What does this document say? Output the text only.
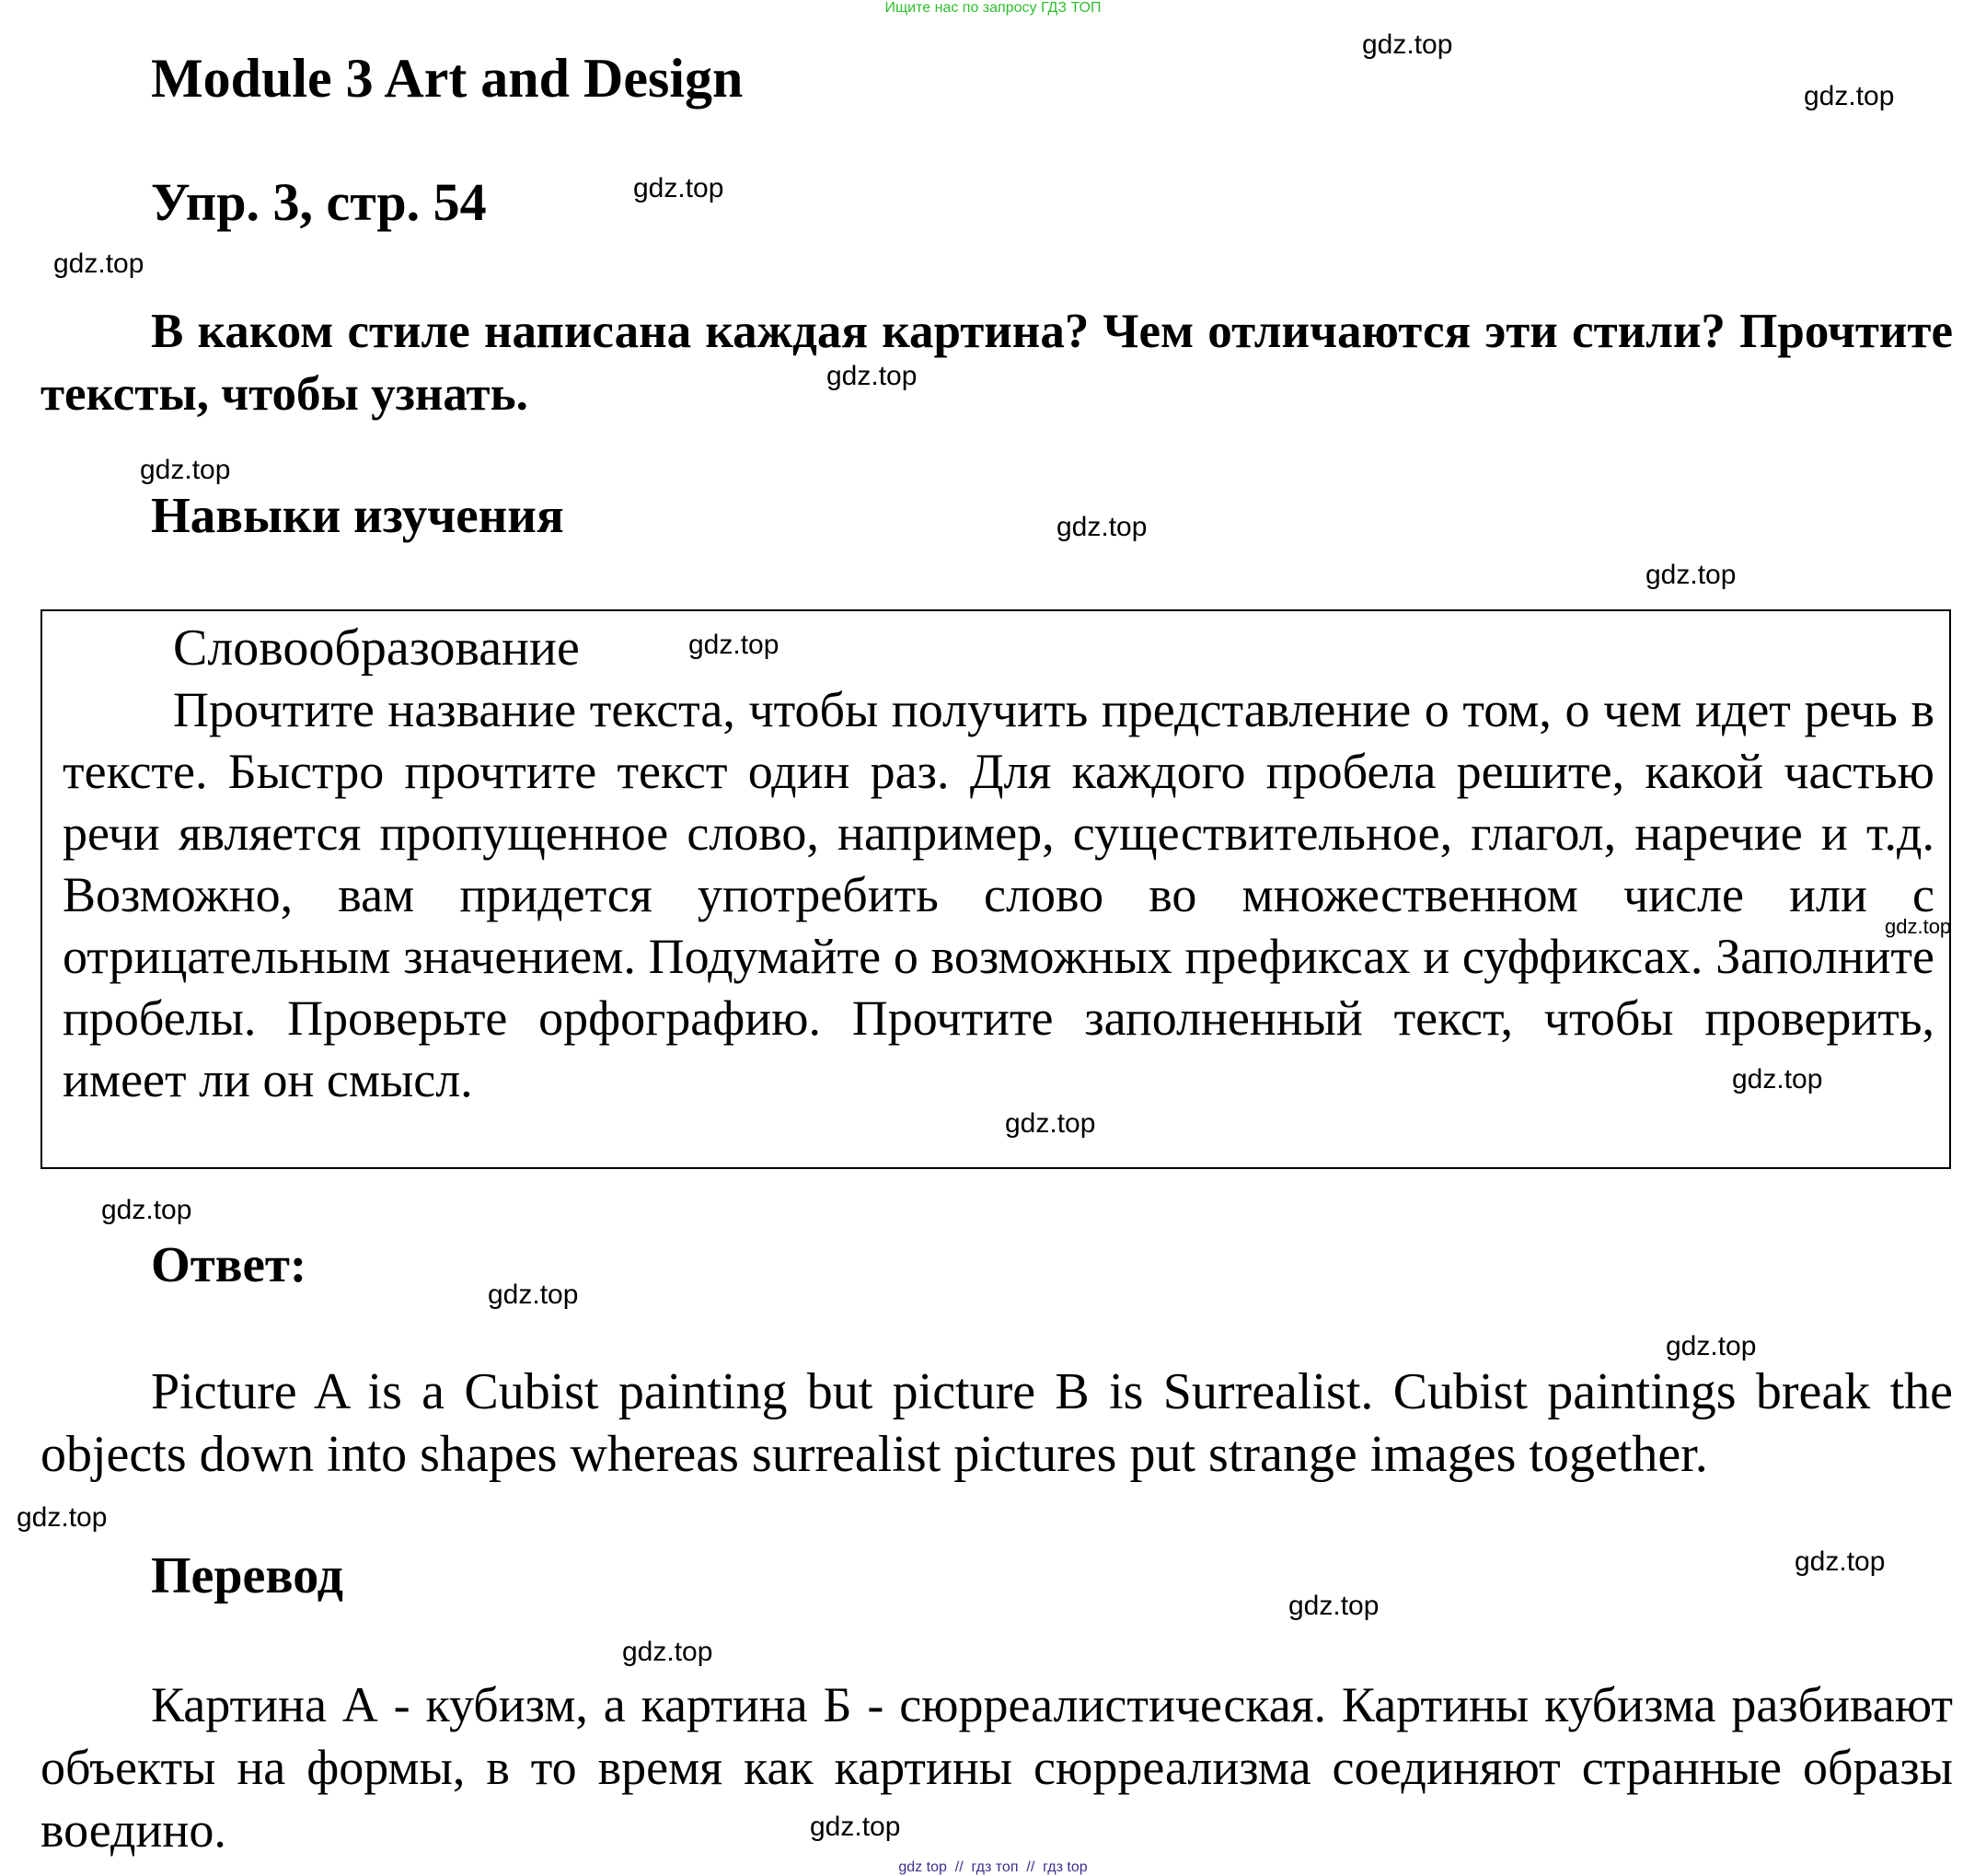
Ищите нас по запросу ГДЗ ТОП
Module 3 Art and Design
Упр. 3, стр. 54
В каком стиле написана каждая картина? Чем отличаются эти стили? Прочтите тексты, чтобы узнать.
Навыки изучения
Словообразование
Прочтите название текста, чтобы получить представление о том, о чем идет речь в тексте. Быстро прочтите текст один раз. Для каждого пробела решите, какой частью речи является пропущенное слово, например, существительное, глагол, наречие и т.д. Возможно, вам придется употребить слово во множественном числе или с отрицательным значением. Подумайте о возможных префиксах и суффиксах. Заполните пробелы. Проверьте орфографию. Прочтите заполненный текст, чтобы проверить, имеет ли он смысл.
Ответ:
Picture A is a Cubist painting but picture B is Surrealist. Cubist paintings break the objects down into shapes whereas surrealist pictures put strange images together.
Перевод
Картина А - кубизм, а картина Б - сюрреалистическая. Картины кубизма разбивают объекты на формы, в то время как картины сюрреализма соединяют странные образы воедино.
gdz.top
gdz.top
gdz.top
gdz.top
gdz.top
gdz.top
gdz.top
gdz.top
gdz.top
gdz.top
gdz.top
gdz.top
gdz.top
gdz.top
gdz.top
gdz.top
gdz.top
gdz.top
gdz.top
gdz.top
gdz top  //  гдз топ  //  гдз top
